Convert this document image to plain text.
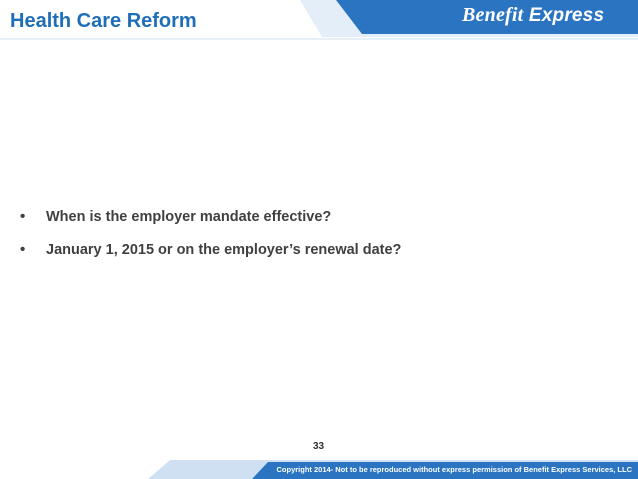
Health Care Reform	Benefit Express
• When is the employer mandate effective?
• January 1, 2015 or on the employer’s renewal date?
33
Copyright 2014- Not to be reproduced without express permission of Benefit Express Services, LLC
